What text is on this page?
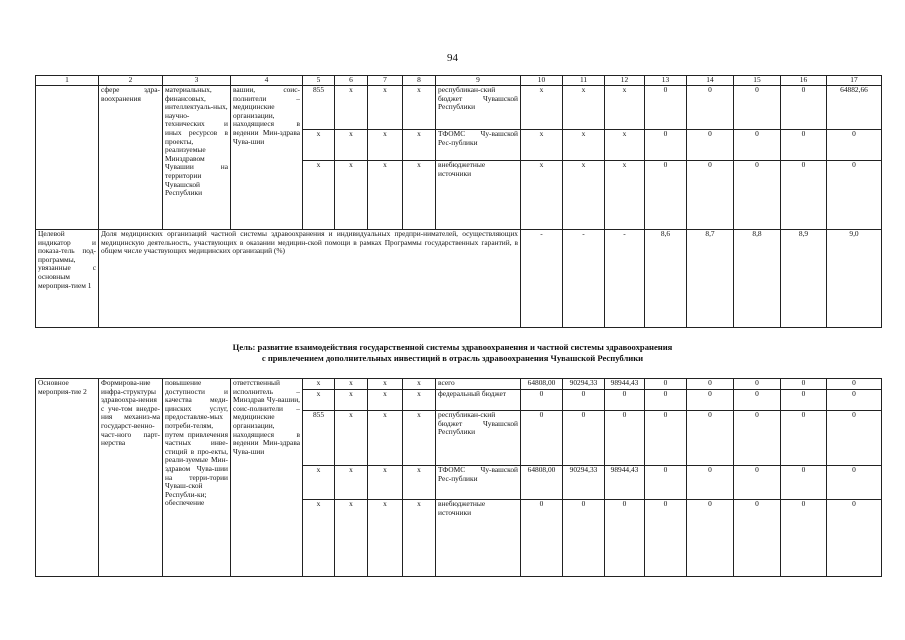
94
1	2	3	4	5	6	7	8	9	10	11	12	13	14	15	16	17
	сфере здра-воохранения	материальных, финансовых, интеллектуаль-ных, научно-технических и иных ресурсов в проекты, реализуемые Минздравом Чувашии на территории Чувашской Республики	вашии, соис-полнители – медицинские организации, находящиеся в ведении Мин-здрава Чува-шии	855	x	x	x	республикан-ский бюджет Чувашской Республики	x	x	x	0	0	0	0	64882,66
				x	x	x	x	ТФОМС Чу-вашской Рес-публики	x	x	x	0	0	0	0	0
				x	x	x	x	внебюджетные источники	x	x	x	0	0	0	0	0
Целевой индикатор и показа-тель под-программы, увязанные с основным мероприя-тием 1	Доля медицинских организаций частной системы здравоохранения и индивидуальных предпри-нимателей, осуществляющих медицинскую деятельность, участвующих в оказании медицин-ской помощи в рамках Программы государственных гарантий, в общем числе участвующих медицинских организаций (%)								-	-	-	8,6	8,7	8,8	8,9	9,0
Цель: развитие взаимодействия государственной системы здравоохранения и частной системы здравоохранения
с привлечением дополнительных инвестиций в отрасль здравоохранения Чувашской Республики
Основное мероприя-тие 2	Формирова-ние инфра-структуры здравоохра-нения с уче-том внедре-ния механиз-ма государст-венно-част-ного парт-нерства	повышение доступности и качества меди-цинских услуг, предоставляе-мых потреби-телям, путем привлечения частных инве-стиций в про-екты, реали-зуемые Мин-здравом Чува-шии на терри-тории Чуваш-ской Республи-ки; обеспечение	ответственный исполнитель – Минздрав Чу-вашии, соис-полнители – медицинские организации, находящиеся в ведении Мин-здрава Чува-шии	x	x	x	x	всего	64808,00	90294,33	98944,43	0	0	0	0	0
				x	x	x	x	федеральный бюджет	0	0	0	0	0	0	0	0
				855	x	x	x	республикан-ский бюджет Чувашской Республики	0	0	0	0	0	0	0	0
				x	x	x	x	ТФОМС Чу-вашской Рес-публики	64808,00	90294,33	98944,43	0	0	0	0	0
				x	x	x	x	внебюджетные источники	0	0	0	0	0	0	0	0
